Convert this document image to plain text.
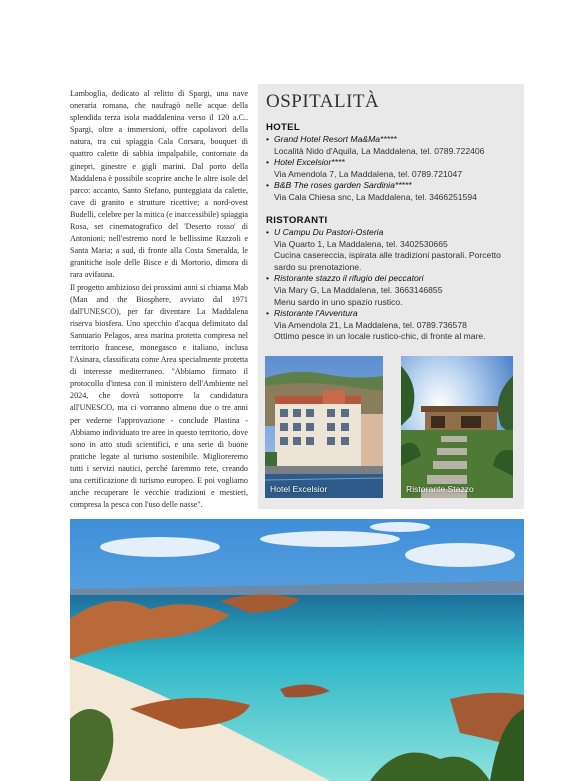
Lamboglia, dedicato al relitto di Spargi, una nave oneraria romana, che naufragò nelle acque della splendida terza isola maddalenina verso il 120 a.C.. Spargi, oltre a immersioni, offre capolavori della natura, tra cui spiaggia Cala Corsara, bouquet di quattro calette di sabbia impalpabile, contornate da ginepri, ginestre e gigli marini. Dal porto della Maddalena è possibile scoprire anche le altre isole del parco: accanto, Santo Stefano, punteggiata da calette, cave di granito e strutture ricettive; a nord-ovest Budelli, celebre per la mitica (e inaccessibile) spiaggia Rosa, set cinematografico del 'Deserto rosso' di Antonioni; nell'estremo nord le bellissime Razzoli e Santa Maria; a sud, di fronte alla Costa Smeralda, le granitiche isole delle Bisce e di Mortorio, dimora di rara avifauna.

Il progetto ambizioso dei prossimi anni si chiama Mab (Man and the Biosphere, avviato dal 1971 dall'UNESCO), per far diventare La Maddalena riserva biosfera. Uno specchio d'acqua delimitato dal Santuario Pelagos, area marina protetta compresa nel territorio francese, monegasco e italiano, inclusa l'Asinara, classificata come Area specialmente protetta di interesse mediterraneo. "Abbiamo firmato il protocollo d'intesa con il ministero dell'Ambiente nel 2024, che dovrà sottoporre la candidatura all'UNESCO, ma ci vorranno almeno due o tre anni per vederne l'approvazione - conclude Plastina - Abbiamo individuato tre aree in questo territorio, dove sono in atto studi scientifici, e una serie di buone pratiche legate al turismo sostenibile. Miglioreremo tutti i servizi nautici, perché faremmo rete, creando una certificazione di turismo europeo. E poi vogliamo anche recuperare le vecchie tradizioni e mestieri, compresa la pesca con l'uso delle nasse".

OSPITALITÀ
HOTEL
• Grand Hotel Resort Ma&Ma*****
Località Nido d'Aquila, La Maddalena, tel. 0789.722406
• Hotel Excelsior****
Via Amendola 7, La Maddalena, tel. 0789.721047
• B&B The roses garden Sardinia*****
Via Cala Chiesa snc, La Maddalena, tel. 3466251594
RISTORANTI
• U Campu Du Pastori-Osteria
Via Quarto 1, La Maddalena, tel. 3402530665
Cucina casereccia, ispirata alle tradizioni pastorali. Porcetto sardo su prenotazione.
• Ristorante stazzo il rifugio dei peccatori
Via Mary G, La Maddalena, tel. 3663146855
Menu sardo in uno spazio rustico.
• Ristorante l'Avventura
Via Amendola 21, La Maddalena, tel. 0789.736578
Ottimo pesce in un locale rustico-chic, di fronte al mare.
Hotel Excelsior	Ristorante Stazzo
